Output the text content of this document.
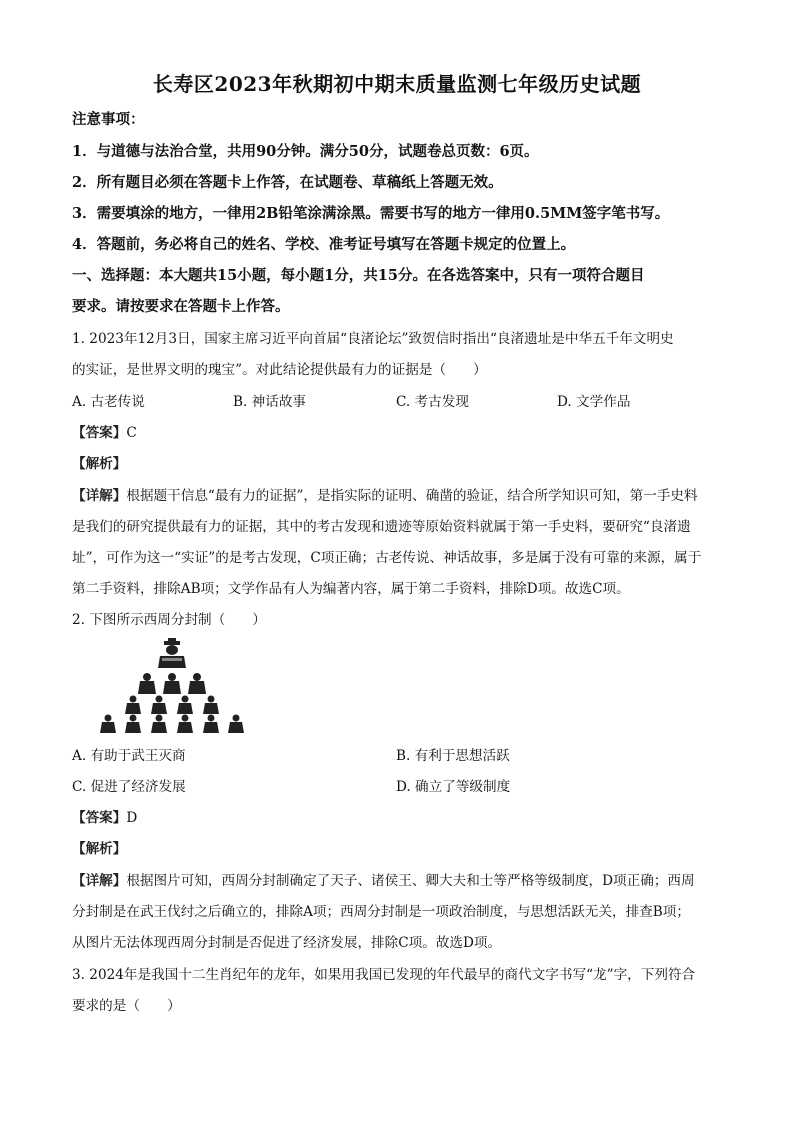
长寿区2023年秋期初中期末质量监测七年级历史试题
注意事项：
1．与道德与法治合堂，共用90分钟。满分50分，试题卷总页数：6页。
2．所有题目必须在答题卡上作答，在试题卷、草稿纸上答题无效。
3．需要填涂的地方，一律用2B铅笔涂满涂黑。需要书写的地方一律用0.5MM签字笔书写。
4．答题前，务必将自己的姓名、学校、准考证号填写在答题卡规定的位置上。
一、选择题：本大题共15小题，每小题1分，共15分。在各选答案中，只有一项符合题目
要求。请按要求在答题卡上作答。
1. 2023年12月3日，国家主席习近平向首届“良渚论坛”致贺信时指出“良渚遗址是中华五千年文明史
的实证，是世界文明的瑰宝”。对此结论提供最有力的证据是（　　）
A. 古老传说	B. 神话故事	C. 考古发现	D. 文学作品
【答案】C
【解析】
【详解】根据题干信息“最有力的证据”，是指实际的证明、确凿的验证，结合所学知识可知，第一手史料
是我们的研究提供最有力的证据，其中的考古发现和遗迹等原始资料就属于第一手史料，要研究“良渚遗
址”，可作为这一“实证”的是考古发现，C项正确；古老传说、神话故事，多是属于没有可靠的来源，属于
第二手资料，排除AB项；文学作品有人为编著内容，属于第二手资料，排除D项。故选C项。
2. 下图所示西周分封制（　　）
A. 有助于武王灭商	B. 有利于思想活跃
C. 促进了经济发展	D. 确立了等级制度
【答案】D
【解析】
【详解】根据图片可知，西周分封制确定了天子、诸侯王、卿大夫和士等严格等级制度，D项正确；西周
分封制是在武王伐纣之后确立的，排除A项；西周分封制是一项政治制度，与思想活跃无关，排查B项；
从图片无法体现西周分封制是否促进了经济发展，排除C项。故选D项。
3. 2024年是我国十二生肖纪年的龙年，如果用我国已发现的年代最早的商代文字书写“龙”字，下列符合
要求的是（　　）
